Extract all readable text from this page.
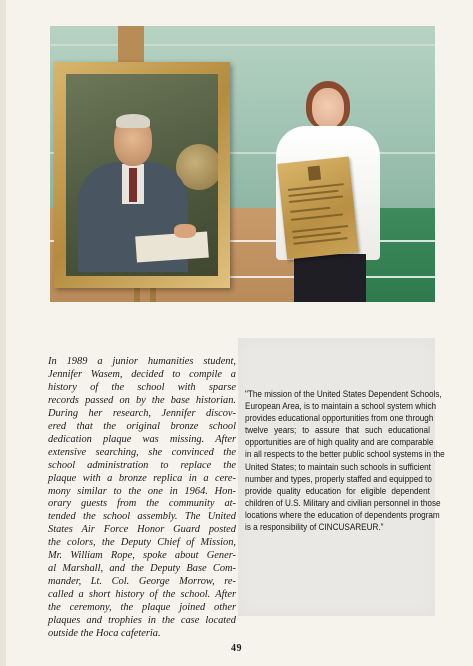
In 1989 a junior humanities student,
Jennifer Wasem, decided to compile a
history of the school with sparse
records passed on by the base historian.
During her research, Jennifer discov-
ered that the original bronze school
dedication plaque was missing. After
extensive searching, she convinced the
school administration to replace the
plaque with a bronze replica in a cere-
mony similar to the one in 1964. Hon-
orary guests from the community at-
tended the school assembly. The United
States Air Force Honor Guard posted
the colors, the Deputy Chief of Mission,
Mr. William Rope, spoke about Gener-
al Marshall, and the Deputy Base Com-
mander, Lt. Col. George Morrow, re-
called a short history of the school. After
the ceremony, the plaque joined other
plaques and trophies in the case located
outside the Hoca cafeteria.
"The mission of the United States Dependent Schools,
European Area, is to maintain a school system which
provides educational opportunities from one through
twelve years; to assure that such educational
opportunities are of high quality and are comparable
in all respects to the better public school systems in the
United States; to maintain such schools in sufficient
number and types, properly staffed and equipped to
provide quality education for eligible dependent
children of U.S. Military and civilian personnel in those
locations where the education of dependents program
is a responsibility of CINCUSAREUR."
49
